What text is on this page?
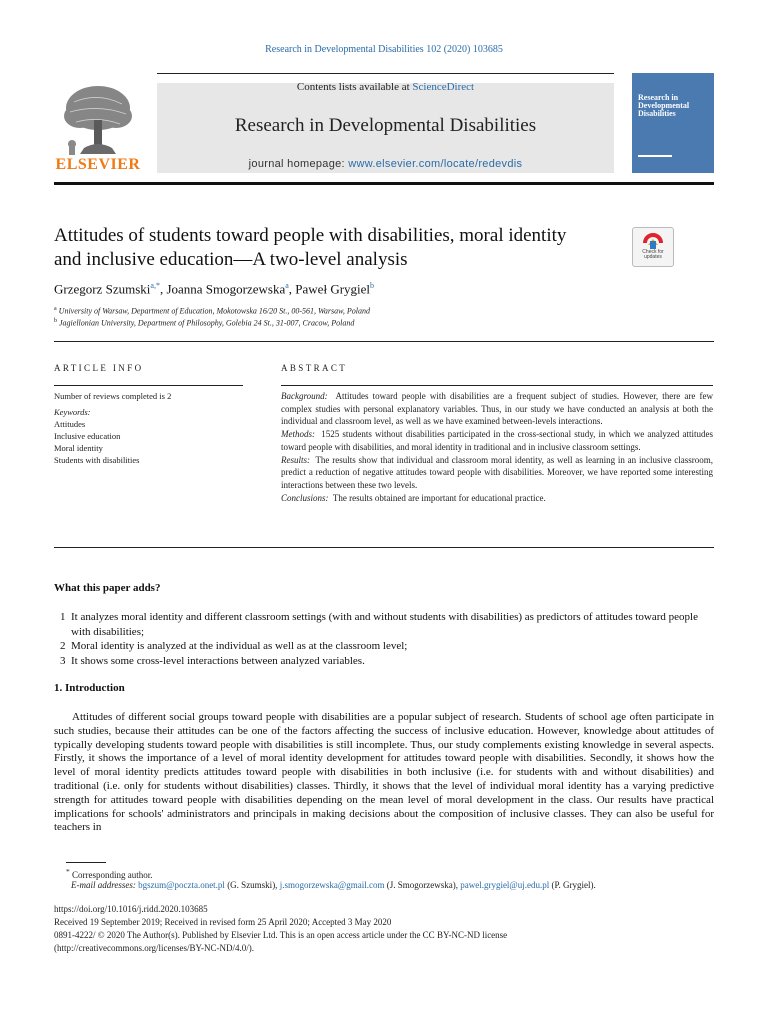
Research in Developmental Disabilities 102 (2020) 103685
Contents lists available at ScienceDirect
Research in Developmental Disabilities
journal homepage: www.elsevier.com/locate/redevdis
ELSEVIER
Research in Developmental Disabilities
Attitudes of students toward people with disabilities, moral identity and inclusive education—A two-level analysis	Check for updates
Grzegorz Szumski$^{a,*}$, Joanna Smogorzewska$^a$, Paweł Grygiel$^b$
$^a$ University of Warsaw, Department of Education, Mokotowska 16/20 St., 00-561, Warsaw, Poland
$^b$ Jagiellonian University, Department of Philosophy, Golebia 24 St., 31-007, Cracow, Poland
ARTICLE INFO
Number of reviews completed is 2
Keywords:
Attitudes
Inclusive education
Moral identity
Students with disabilities
ABSTRACT

Background: Attitudes toward people with disabilities are a frequent subject of studies. However, there are few complex studies with personal explanatory variables. Thus, in our study we have conducted an analysis at both the individual and classroom level, as well as we have examined between-levels interactions.

Methods: 1525 students without disabilities participated in the cross-sectional study, in which we analyzed attitudes toward people with disabilities, and moral identity in traditional and in inclusive classroom settings.

Results: The results show that individual and classroom moral identity, as well as learning in an inclusive classroom, predict a reduction of negative attitudes toward people with disabilities. Moreover, we have reported some interesting interactions between these two levels.

Conclusions: The results obtained are important for educational practice.

What this paper adds?
1 It analyzes moral identity and different classroom settings (with and without students with disabilities) as predictors of attitudes toward people with disabilities;
2 Moral identity is analyzed at the individual as well as at the classroom level;
3 It shows some cross-level interactions between analyzed variables.
1. Introduction

Attitudes of different social groups toward people with disabilities are a popular subject of research. Students of school age often participate in such studies, because their attitudes can be one of the factors affecting the success of inclusive education. However, knowledge about attitudes of typically developing students toward people with disabilities is still incomplete. Thus, our study complements existing knowledge in several aspects. Firstly, it shows the importance of a level of moral identity development for attitudes toward people with disabilities. Secondly, it shows how the level of moral identity predicts attitudes toward people with disabilities in both inclusive (i.e. for students with and without disabilities) and traditional (i.e. only for students without disabilities) classes. Thirdly, it shows that the level of individual moral identity has a varying predictive strength for attitudes toward people with disabilities depending on the mean level of moral development in the class. Our results have practical implications for schools' administrators and principals in making decisions about the composition of inclusive classes. They can also be useful for teachers in

* Corresponding author.
E-mail addresses: bgszum@poczta.onet.pl (G. Szumski), j.smogorzewska@gmail.com (J. Smogorzewska), pawel.grygiel@uj.edu.pl (P. Grygiel).
https://doi.org/10.1016/j.ridd.2020.103685
Received 19 September 2019; Received in revised form 25 April 2020; Accepted 3 May 2020
0891-4222/ © 2020 The Author(s). Published by Elsevier Ltd. This is an open access article under the CC BY-NC-ND license
(http://creativecommons.org/licenses/BY-NC-ND/4.0/).
